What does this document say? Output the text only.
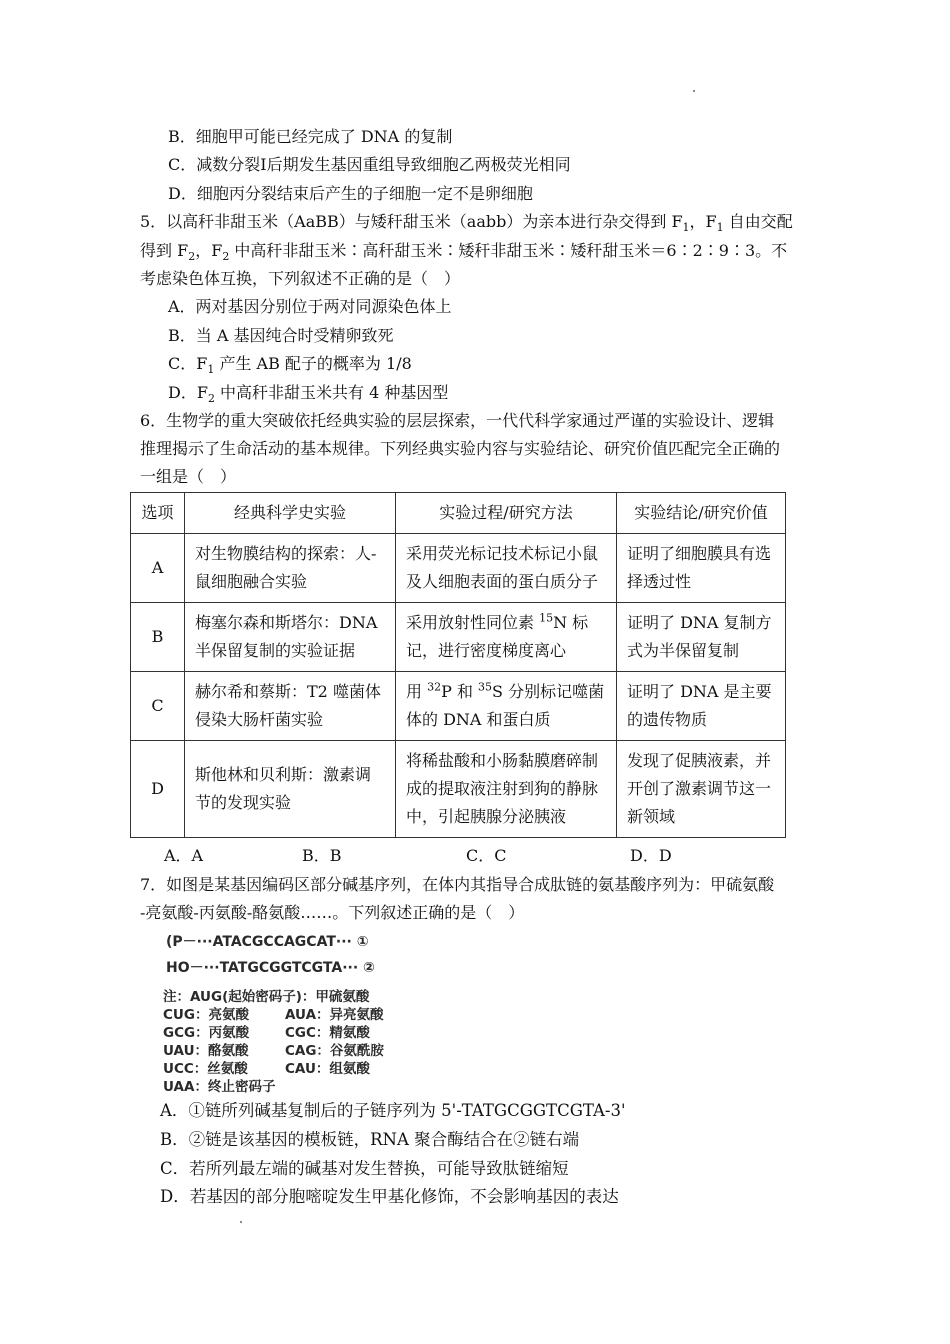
B．细胞甲可能已经完成了 DNA 的复制
C．减数分裂Ⅰ后期发生基因重组导致细胞乙两极荧光相同
D．细胞丙分裂结束后产生的子细胞一定不是卵细胞
5．以高秆非甜玉米（AaBB）与矮秆甜玉米（aabb）为亲本进行杂交得到 $F_1$，$F_1$ 自由交配
得到 $F_2$，$F_2$ 中高秆非甜玉米∶高秆甜玉米∶矮秆非甜玉米∶矮秆甜玉米＝6∶2∶9∶3。不
考虑染色体互换，下列叙述不正确的是（　）
A．两对基因分别位于两对同源染色体上
B．当 A 基因纯合时受精卵致死
C．$F_1$ 产生 AB 配子的概率为 1/8
D．$F_2$ 中高秆非甜玉米共有 4 种基因型
6．生物学的重大突破依托经典实验的层层探索，一代代科学家通过严谨的实验设计、逻辑
推理揭示了生命活动的基本规律。下列经典实验内容与实验结论、研究价值匹配完全正确的
一组是（　）
选项	经典科学史实验	实验过程/研究方法	实验结论/研究价值
A	对生物膜结构的探索：人-鼠细胞融合实验	采用荧光标记技术标记小鼠及人细胞表面的蛋白质分子	证明了细胞膜具有选择透过性
B	梅塞尔森和斯塔尔：DNA 半保留复制的实验证据	采用放射性同位素 $^{15}$N 标记，进行密度梯度离心	证明了 DNA 复制方式为半保留复制
C	赫尔希和蔡斯：T2 噬菌体侵染大肠杆菌实验	用 $^{32}$P 和 $^{35}$S 分别标记噬菌体的 DNA 和蛋白质	证明了 DNA 是主要的遗传物质
D	斯他林和贝利斯：激素调节的发现实验	将稀盐酸和小肠黏膜磨碎制成的提取液注射到狗的静脉中，引起胰腺分泌胰液	发现了促胰液素，并开创了激素调节这一新领域
A．A	B．B	C．C	D．D
7．如图是某基因编码区部分碱基序列，在体内其指导合成肽链的氨基酸序列为：甲硫氨酸
-亮氨酸-丙氨酸-酪氨酸……。下列叙述正确的是（　）
(P－···ATACGCCAGCAT··· ①
HO－···TATGCGGTCGTA··· ②
注：AUG(起始密码子)：甲硫氨酸
CUG：亮氨酸	AUA：异亮氨酸
GCG：丙氨酸	CGC：精氨酸
UAU：酪氨酸	CAG：谷氨酰胺
UCC：丝氨酸	CAU：组氨酸
UAA：终止密码子
A．①链所列碱基复制后的子链序列为 5'-TATGCGGTCGTA-3'
B．②链是该基因的模板链，RNA 聚合酶结合在②链右端
C．若所列最左端的碱基对发生替换，可能导致肽链缩短
D．若基因的部分胞嘧啶发生甲基化修饰，不会影响基因的表达
